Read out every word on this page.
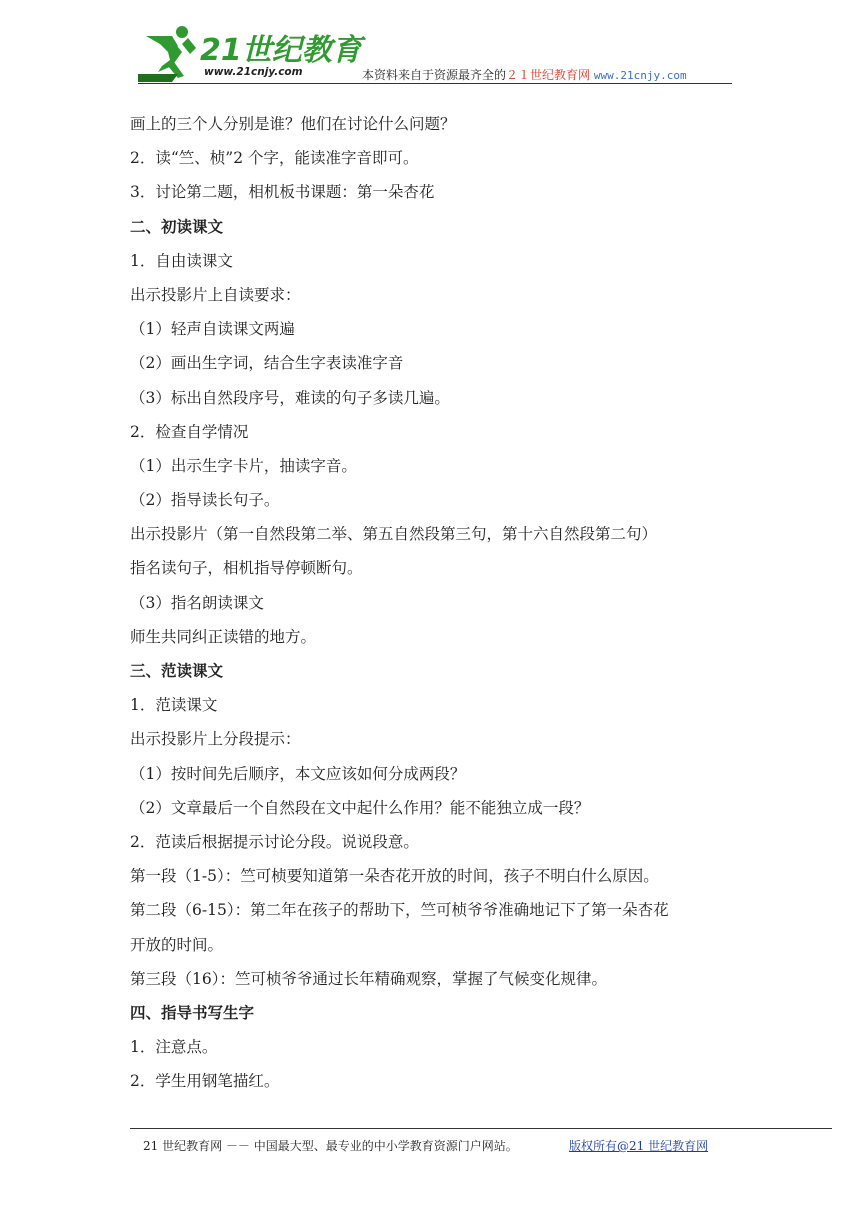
21世纪教育
www.21cnjy.com	本资料来自于资源最齐全的２１世纪教育网 www.21cnjy.com
画上的三个人分别是谁？他们在讨论什么问题？
2．读“竺、桢”2 个字，能读准字音即可。
3．讨论第二题，相机板书课题：第一朵杏花
二、初读课文
1．自由读课文
出示投影片上自读要求：
（1）轻声自读课文两遍
（2）画出生字词，结合生字表读准字音
（3）标出自然段序号，难读的句子多读几遍。
2．检查自学情况
（1）出示生字卡片，抽读字音。
（2）指导读长句子。
出示投影片（第一自然段第二举、第五自然段第三句，第十六自然段第二句）
指名读句子，相机指导停顿断句。
（3）指名朗读课文
师生共同纠正读错的地方。
三、范读课文
1．范读课文
出示投影片上分段提示：
（1）按时间先后顺序，本文应该如何分成两段？
（2）文章最后一个自然段在文中起什么作用？能不能独立成一段？
2．范读后根据提示讨论分段。说说段意。
第一段（1-5）：竺可桢要知道第一朵杏花开放的时间，孩子不明白什么原因。
第二段（6-15）：第二年在孩子的帮助下，竺可桢爷爷准确地记下了第一朵杏花
开放的时间。
第三段（16）：竺可桢爷爷通过长年精确观察，掌握了气候变化规律。
四、指导书写生字
1．注意点。
2．学生用钢笔描红。
21 世纪教育网 －－ 中国最大型、最专业的中小学教育资源门户网站。	版权所有@21 世纪教育网
